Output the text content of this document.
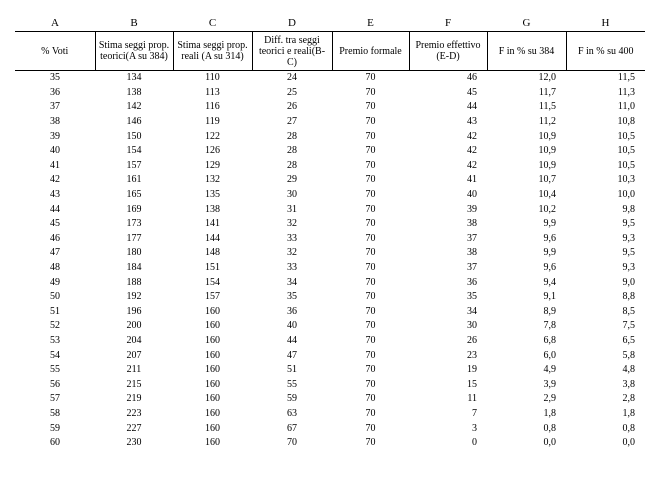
A	B	C	D	E	F	G	H
% Voti	Stima seggi prop. teorici(A su 384)	Stima seggi prop. reali (A su 314)	Diff. tra seggi teorici e reali(B-C)	Premio formale	Premio effettivo (E-D)	F in % su 384	F in % su 400
35	134	110	24	70	46	12,0	11,5
36	138	113	25	70	45	11,7	11,3
37	142	116	26	70	44	11,5	11,0
38	146	119	27	70	43	11,2	10,8
39	150	122	28	70	42	10,9	10,5
40	154	126	28	70	42	10,9	10,5
41	157	129	28	70	42	10,9	10,5
42	161	132	29	70	41	10,7	10,3
43	165	135	30	70	40	10,4	10,0
44	169	138	31	70	39	10,2	9,8
45	173	141	32	70	38	9,9	9,5
46	177	144	33	70	37	9,6	9,3
47	180	148	32	70	38	9,9	9,5
48	184	151	33	70	37	9,6	9,3
49	188	154	34	70	36	9,4	9,0
50	192	157	35	70	35	9,1	8,8
51	196	160	36	70	34	8,9	8,5
52	200	160	40	70	30	7,8	7,5
53	204	160	44	70	26	6,8	6,5
54	207	160	47	70	23	6,0	5,8
55	211	160	51	70	19	4,9	4,8
56	215	160	55	70	15	3,9	3,8
57	219	160	59	70	11	2,9	2,8
58	223	160	63	70	7	1,8	1,8
59	227	160	67	70	3	0,8	0,8
60	230	160	70	70	0	0,0	0,0
